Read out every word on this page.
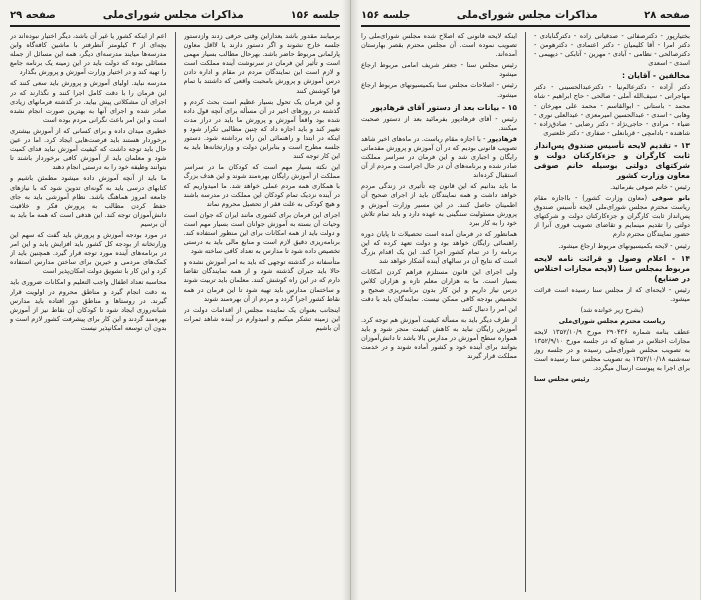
جلسه ۱۵۶
مذاکرات مجلس شورای‌ملی
صفحه ۲۹

برمیابند مقدور باشد بعدازاین وقتی حرفی زدند وازدستور جلسه خارج نشوند و اگر دستور دارند یا لااقل معاون پارلمانی مربوط حاضر باشد. بهرحال مطالب بسیار مهمی است و تأثیر این فرمان در سرنوشت آینده مملکت است و لازم است این نمایندگان مردم در مقام و اداره دادن درس آموزش و پرورش بامحبت واقعی که داشتند با تمام قوا کوشش کنند

و این فرمان یک تحول بسیار عظیم است بحث کردم و گذشته در روزهای اخیر در آن مسأله برای آنچه قول داده شده بود واقعاً آموزش و پرورش ما باید در دراز مدت تغییر کند و باید اجازه داد که چنین مطالبی تکرار شود و اینکه در ابتدا و راهنمائی این راه برداشته شود. دستور جلسه مطرح است و بنابراین دولت و وزارتخانه‌ها باید به این کار توجه کنند

این نکته بسیار مهم است که کودکان ما در سراسر مملکت از آموزش رایگان بهره‌مند شوند و این هدف بزرگ با همکاری همه مردم عملی خواهد شد. ما امیدواریم که در آینده نزدیک تمام کودکان این مملکت در مدرسه باشند و هیچ کودکی به علت فقر از تحصیل محروم نماند

اجرای این فرمان برای کشوری مانند ایران که جوان است وحیات آن بسته به آموزش جوانان است بسیار مهم است و دولت باید از همه امکانات برای این منظور استفاده کند. برنامه‌ریزی دقیق لازم است و منابع مالی باید به درستی تخصیص داده شود تا مدارس به تعداد کافی ساخته شود

متأسفانه در گذشته توجهی که باید به امر آموزش نشده و حالا باید جبران گذشته شود و از همه نمایندگان تقاضا دارم که در این راه کوشش کنند. معلمان باید تربیت شوند و ساختمان مدارس باید تهیه شود تا این فرمان در همه نقاط کشور اجرا گردد و مردم از آن بهره‌مند شوند

اینجانب بعنوان یک نماینده مجلس از اقدامات دولت در این زمینه تشکر میکنم و امیدوارم در آینده شاهد ثمرات آن باشیم

اعم از اینکه کشور یا غیر آن باشد، دیگر اختیار نبوده‌اند در بچه‌ای از ۳ کیلومتر آنطرفتر با ماشین کافه‌گاه وابن مدرسه‌ها میایند مدرسه‌ای دیگر، همه این مسائل از جمله مسائلی بوده که دولت باید در این زمینه یک برنامه جامع را تهیه کند و در اختیار وزارت آموزش و پرورش بگذارد

مدرسه نباید. اولیای آموزش و پرورش باید سعی کنند که این فرمان را با دقت کامل اجرا کنند و نگذارند که در اجرای آن مشکلاتی پیش بیاید. در گذشته فرمانهای زیادی صادر شده و اجرای آنها به بهترین صورت انجام نشده است و این امر باعث نگرانی مردم بوده است

خطیری میدان داده و برای کسانی که از آموزش بیشتری برخوردار هستند باید فرصت‌هایی ایجاد کرد. اما در عین حال باید توجه داشت که کیفیت آموزش نباید فدای کمیت شود و معلمان باید از آموزش کافی برخوردار باشند تا بتوانند وظیفه خود را به درستی انجام دهند

ما باید از آنچه آموزش داده میشود مطمئن باشیم و کتابهای درسی باید به گونه‌ای تدوین شود که با نیازهای جامعه امروز هماهنگ باشد. نظام آموزشی باید به جای حفظ کردن مطالب به پرورش فکر و خلاقیت دانش‌آموزان توجه کند. این هدفی است که همه ما باید به آن برسیم

در مورد بودجه آموزش و پرورش باید گفت که سهم این وزارتخانه از بودجه کل کشور باید افزایش یابد و این امر در برنامه‌های آینده مورد توجه قرار گیرد. همچنین باید از کمک‌های مردمی و خیرین برای ساختن مدارس استفاده کرد و این کار با تشویق دولت امکان‌پذیر است

محاسبه تعداد اطفال واجب التعلیم و امکانات ضروری باید به دقت انجام گیرد و مناطق محروم در اولویت قرار گیرند. در روستاها و مناطق دور افتاده باید مدارس شبانه‌روزی ایجاد شود تا کودکان آن نقاط نیز از آموزش بهره‌مند گردند و این کار برای پیشرفت کشور لازم است و بدون آن توسعه امکانپذیر نیست

صفحه ۲۸
مذاکرات مجلس شورای‌ملی
جلسه ۱۵۶

بختیارپور - دکترصفائی - صدقیانی زاده - دکترگنابادی - دکتر امرا - آقا کلیمیان - دکتر اعتمادی - دکترهومن - دکترصالحی - نظامی - آبادی - مهرین - آتابکی - دیهیمی - اسدی - اسعدی

مخالفین - آقایان :

دکتر آزاده - دکترعالم‌نیا - دکترعبدالحسینی - دکتر مهاجرانی - سیف‌الله آملی - صالحی - حاج ابراهیم - شاه محمد - باستانی - ابوالقاسم - محمد علی مهرخان - وهابی - اسدی - عبدالحسین امیرمعزی - عبدالعلی نوری - ضیاء - مرادی - حاجی‌نژاد - دکتر رضایی - صادق‌زاده - شاهنده - بادامچی - قربانعلی - صفاری - دکتر خلعتبری

۱۳ - تقدیم لایحه تأسیس صندوق پس‌انداز ثابت کارگران و جزءکارکنان دولت و شرکتهای دولتی بوسیله خانم صوفی معاون وزارت کشور

رئیس - خانم صوفی بفرمائید.

بانو صوفی (معاون وزارت کشور) - بااجازه مقام ریاست محترم مجلس شورای‌ملی لایحه تأسیس صندوق پس‌انداز ثابت کارگران و جزءکارکنان دولت و شرکتهای دولتی را تقدیم مینمایم و تقاضای تصویب فوری آنرا از حضور نمایندگان محترم دارم

رئیس - لایحه بکمیسیونهای مربوط ارجاع میشود.

۱۴ - اعلام وصول و قرائت نامه لایحه مربوط بمجلس سنا (لایحه مجازات اختلاس در صنایع)

رئیس - لایحه‌ای که از مجلس سنا رسیده است قرائت میشود.

(بشرح زیر خوانده شد)

ریاست محترم مجلس شورای‌ملی

عطف بنامه شماره ۲۹۰۴۳۶ مورخ ۱۳۵۲/۱۰/۹ لایحه مجازات اختلاس در صنایع که در جلسه مورخ ۱۳۵۲/۹/۱۰ به تصویب مجلس شورای‌ملی رسیده و در جلسه روز سه‌شنبه ۱۳۵۲/۱۰/۱۸ به تصویب مجلس سنا رسیده است برای اجرا به پیوست ارسال میگردد.

رئیس مجلس سنا

اینکه لایحه قانونی که اصلاح شده مجلس شورای‌ملی را تصویب نموده است. آن مجلس محترم بقصر بهارستان آمده‌اند.

رئیس مجلس سنا - جعفر شریف امامی مربوط ارجاع میشود

رئیس - اصلاحات مجلس سنا بکمیسیونهای مربوط ارجاع میشود.

۱۵ - بیانات بعد از دستور آقای فرهادپور

رئیس - آقای فرهادپور بفرمائید بعد از دستور صحبت میکنند.

فرهادپور - با اجازه مقام ریاست. در ماه‌های اخیر شاهد تصویب قانونی بودیم که در آن آموزش و پرورش مقدماتی رایگان و اجباری شد و این فرمان در سراسر مملکت صادر شده و برنامه‌های آن در حال اجراست و مردم از آن استقبال کرده‌اند

ما باید بدانیم که این قانون چه تأثیری در زندگی مردم خواهد داشت و همه نمایندگان باید از اجرای صحیح آن اطمینان حاصل کنند. در این مسیر وزارت آموزش و پرورش مسئولیت سنگینی به عهده دارد و باید تمام تلاش خود را به کار ببرد

همانطور که در فرمان آمده است تحصیلات تا پایان دوره راهنمائی رایگان خواهد بود و دولت تعهد کرده که این برنامه را در تمام کشور اجرا کند. این یک اقدام بزرگ است که نتایج آن در سالهای آینده آشکار خواهد شد

ولی اجرای این قانون مستلزم فراهم کردن امکانات بسیار است. ما به هزاران معلم تازه و هزاران کلاس درس نیاز داریم و این کار بدون برنامه‌ریزی صحیح و تخصیص بودجه کافی ممکن نیست. نمایندگان باید با دقت این امر را دنبال کنند

از طرف دیگر باید به مسأله کیفیت آموزش هم توجه کرد. آموزش رایگان نباید به کاهش کیفیت منجر شود و باید همواره سطح آموزش در مدارس بالا باشد تا دانش‌آموزان بتوانند برای آینده خود و کشور آماده شوند و در خدمت مملکت قرار گیرند
